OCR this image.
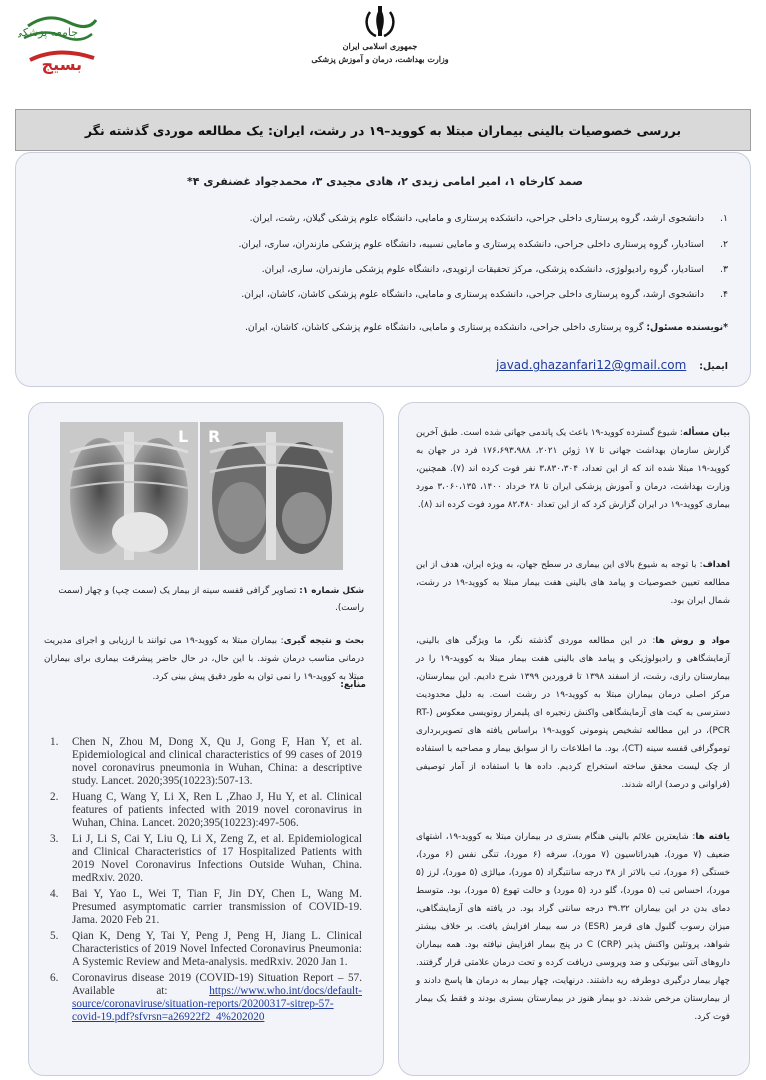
جامعه پزشکی
بسیج
جمهوری اسلامی ایران
وزارت بهداشت، درمان و آموزش پزشکی
بررسی خصوصیات بالینی بیماران مبتلا به کووید–۱۹ در رشت، ایران: یک مطالعه موردی گذشته نگر
صمد کارخاه ۱، امیر امامی زیدی ۲، هادی مجیدی ۳، محمدجواد غضنفری ۴*
۱.دانشجوی ارشد، گروه پرستاری داخلی جراحی، دانشکده پرستاری و مامایی، دانشگاه علوم پزشکی گیلان، رشت، ایران.
۲.استادیار، گروه پرستاری داخلی جراحی، دانشکده پرستاری و مامایی نسیبه، دانشگاه علوم پزشکی مازندران، ساری، ایران.
۳.استادیار، گروه رادیولوژی، دانشکده پزشکی، مرکز تحقیقات ارتوپدی، دانشگاه علوم پزشکی مازندران، ساری، ایران.
۴.دانشجوی ارشد، گروه پرستاری داخلی جراحی، دانشکده پرستاری و مامایی، دانشگاه علوم پزشکی کاشان، کاشان، ایران.
*نویسنده مسئول: گروه پرستاری داخلی جراحی، دانشکده پرستاری و مامایی، دانشگاه علوم پزشکی کاشان، کاشان، ایران.
ایمیل: javad.ghazanfari12@gmail.com
بیان مسأله: شیوع گسترده کووید-۱۹ باعث یک پاندمی جهانی شده است. طبق آخرین گزارش سازمان بهداشت جهانی تا ۱۷ ژوئن ۲۰۲۱، ۱۷۶،۶۹۳،۹۸۸ فرد در جهان به کووید-۱۹ مبتلا شده اند که از این تعداد، ۳،۸۳۰،۳۰۴ نفر فوت کرده اند (۷). همچنین، وزارت بهداشت، درمان و آموزش پزشکی ایران تا ۲۸ خرداد ۱۴۰۰، ۳،۰۶۰،۱۳۵ مورد بیماری کووید-۱۹ در ایران گزارش کرد که از این تعداد ۸۲،۴۸۰ مورد فوت کرده اند (۸).
اهداف: با توجه به شیوع بالای این بیماری در سطح جهان، به ویژه ایران، هدف از این مطالعه تعیین خصوصیات و پیامد های بالینی هفت بیمار مبتلا به کووید-۱۹ در رشت، شمال ایران بود.
مواد و روش ها: در این مطالعه موردی گذشته نگر، ما ویژگی های بالینی، آزمایشگاهی و رادیولوژیکی و پیامد های بالینی هفت بیمار مبتلا به کووید-۱۹ را در بیمارستان رازی، رشت، از اسفند ۱۳۹۸ تا فروردین ۱۳۹۹ شرح دادیم. این بیمارستان، مرکز اصلی درمان بیماران مبتلا به کووید-۱۹ در رشت است. به دلیل محدودیت دسترسی به کیت های آزمایشگاهی واکنش زنجیره ای پلیمراز رونویسی معکوس (RT-PCR)، در این مطالعه تشخیص پنومونی کووید-۱۹ براساس یافته های تصویربرداری توموگرافی قفسه سینه (CT)، بود. ما اطلاعات را از سوابق بیمار و مصاحبه با استفاده از چک لیست محقق ساخته استخراج کردیم. داده ها با استفاده از آمار توصیفی (فراوانی و درصد) ارائه شدند.
یافته ها: شایعترین علائم بالینی هنگام بستری در بیماران مبتلا به کووید-۱۹، اشتهای ضعیف (۷ مورد)، هیدراتاسیون (۷ مورد)، سرفه (۶ مورد)، تنگی نفس (۶ مورد)، خستگی (۶ مورد)، تب بالاتر از ۳۸ درجه سانتیگراد (۵ مورد)، میالژی (۵ مورد)، لرز (۵ مورد)، احساس تب (۵ مورد)، گلو درد (۵ مورد) و حالت تهوع (۵ مورد)، بود. متوسط دمای بدن در این بیماران ۳۹.۳۲ درجه سانتی گراد بود. در یافته های آزمایشگاهی، میزان رسوب گلبول های قرمز (ESR) در سه بیمار افزایش یافت. بر خلاف بیشتر شواهد، پروتئین واکنش پذیر C (CRP) در پنج بیمار افزایش نیافته بود. همه بیماران داروهای آنتی بیوتیکی و ضد ویروسی دریافت کرده و تحت درمان علامتی قرار گرفتند. چهار بیمار درگیری دوطرفه ریه داشتند. درنهایت، چهار بیمار به درمان ها پاسخ دادند و از بیمارستان مرخص شدند. دو بیمار هنوز در بیمارستان بستری بودند و فقط یک بیمار فوت کرد.
L R
شکل شماره ۱: تصاویر گرافی قفسه سینه از بیمار یک (سمت چپ) و چهار (سمت راست).
بحث و نتیجه گیری: بیماران مبتلا به کووید-۱۹ می توانند با ارزیابی و اجرای مدیریت درمانی مناسب درمان شوند. با این حال، در حال حاضر پیشرفت بیماری برای بیماران مبتلا به کووید-۱۹ را نمی توان به طور دقیق پیش بینی کرد.
منابع:
1. Chen N, Zhou M, Dong X, Qu J, Gong F, Han Y, et al. Epidemiological and clinical characteristics of 99 cases of 2019 novel coronavirus pneumonia in Wuhan, China: a descriptive study. Lancet. 2020;395(10223):507-13.
2. Huang C, Wang Y, Li X, Ren L ,Zhao J, Hu Y, et al. Clinical features of patients infected with 2019 novel coronavirus in Wuhan, China. Lancet. 2020;395(10223):497-506.
3. Li J, Li S, Cai Y, Liu Q, Li X, Zeng Z, et al. Epidemiological and Clinical Characteristics of 17 Hospitalized Patients with 2019 Novel Coronavirus Infections Outside Wuhan, China. medRxiv. 2020.
4. Bai Y, Yao L, Wei T, Tian F, Jin DY, Chen L, Wang M. Presumed asymptomatic carrier transmission of COVID-19. Jama. 2020 Feb 21.
5. Qian K, Deng Y, Tai Y, Peng J, Peng H, Jiang L. Clinical Characteristics of 2019 Novel Infected Coronavirus Pneumonia: A Systemic Review and Meta-analysis. medRxiv. 2020 Jan 1.
6. Coronavirus disease 2019 (COVID-19) Situation Report – 57. Available at: https://www.who.int/docs/default-source/coronaviruse/situation-reports/20200317-sitrep-57-covid-19.pdf?sfvrsn=a26922f2_4%202020
